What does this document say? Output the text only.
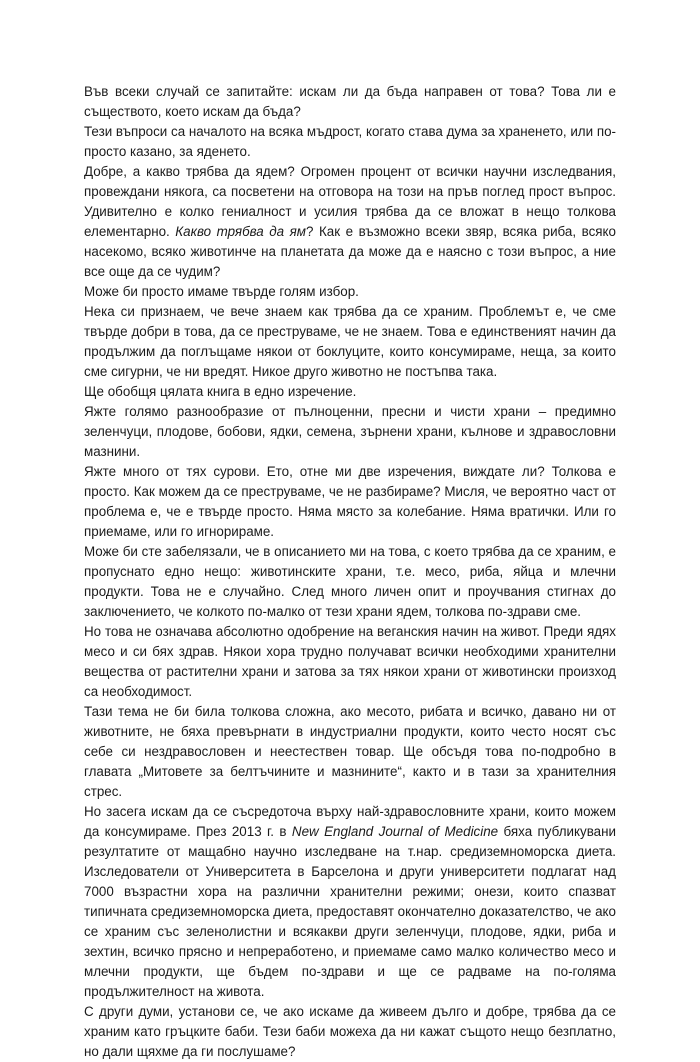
Във всеки случай се запитайте: искам ли да бъда направен от това? Това ли е съществото, което искам да бъда?

Тези въпроси са началото на всяка мъдрост, когато става дума за храненето, или по-просто казано, за яденето.

Добре, а какво трябва да ядем? Огромен процент от всички научни изследвания, провеждани някога, са посветени на отговора на този на пръв поглед прост въпрос. Удивително е колко гениалност и усилия трябва да се вложат в нещо толкова елементарно. Какво трябва да ям? Как е възможно всеки звяр, всяка риба, всяко насекомо, всяко животинче на планетата да може да е наясно с този въпрос, а ние все още да се чудим?

Може би просто имаме твърде голям избор.

Нека си признаем, че вече знаем как трябва да се храним. Проблемът е, че сме твърде добри в това, да се преструваме, че не знаем. Това е единственият начин да продължим да поглъщаме някои от боклуците, които консумираме, неща, за които сме сигурни, че ни вредят. Никое друго животно не постъпва така.

Ще обобщя цялата книга в едно изречение.

Яжте голямо разнообразие от пълноценни, пресни и чисти храни – предимно зеленчуци, плодове, бобови, ядки, семена, зърнени храни, кълнове и здравословни мазнини.

Яжте много от тях сурови. Ето, отне ми две изречения, виждате ли? Толкова е просто. Как можем да се преструваме, че не разбираме? Мисля, че вероятно част от проблема е, че е твърде просто. Няма място за колебание. Няма вратички. Или го приемаме, или го игнорираме.

Може би сте забелязали, че в описанието ми на това, с което трябва да се храним, е пропуснато едно нещо: животинските храни, т.е. месо, риба, яйца и млечни продукти. Това не е случайно. След много личен опит и проучвания стигнах до заключението, че колкото по-малко от тези храни ядем, толкова по-здрави сме.

Но това не означава абсолютно одобрение на веганския начин на живот. Преди ядях месо и си бях здрав. Някои хора трудно получават всички необходими хранителни вещества от растителни храни и затова за тях някои храни от животински произход са необходимост.

Тази тема не би била толкова сложна, ако месото, рибата и всичко, давано ни от животните, не бяха превърнати в индустриални продукти, които често носят със себе си нездравословен и неестествен товар. Ще обсъдя това по-подробно в главата „Митовете за белтъчините и мазнините“, както и в тази за хранителния стрес.

Но засега искам да се съсредоточа върху най-здравословните храни, които можем да консумираме. През 2013 г. в New England Journal of Medicine бяха публикувани резултатите от мащабно научно изследване на т.нар. средиземноморска диета. Изследователи от Университета в Барселона и други университети подлагат над 7000 възрастни хора на различни хранителни режими; онези, които спазват типичната средиземноморска диета, предоставят окончателно доказателство, че ако се храним със зеленолистни и всякакви други зеленчуци, плодове, ядки, риба и зехтин, всичко прясно и непреработено, и приемаме само малко количество месо и млечни продукти, ще бъдем по-здрави и ще се радваме на по-голяма продължителност на живота.

С други думи, установи се, че ако искаме да живеем дълго и добре, трябва да се храним като гръцките баби. Тези баби можеха да ни кажат същото нещо безплатно, но дали щяхме да ги послушаме?
